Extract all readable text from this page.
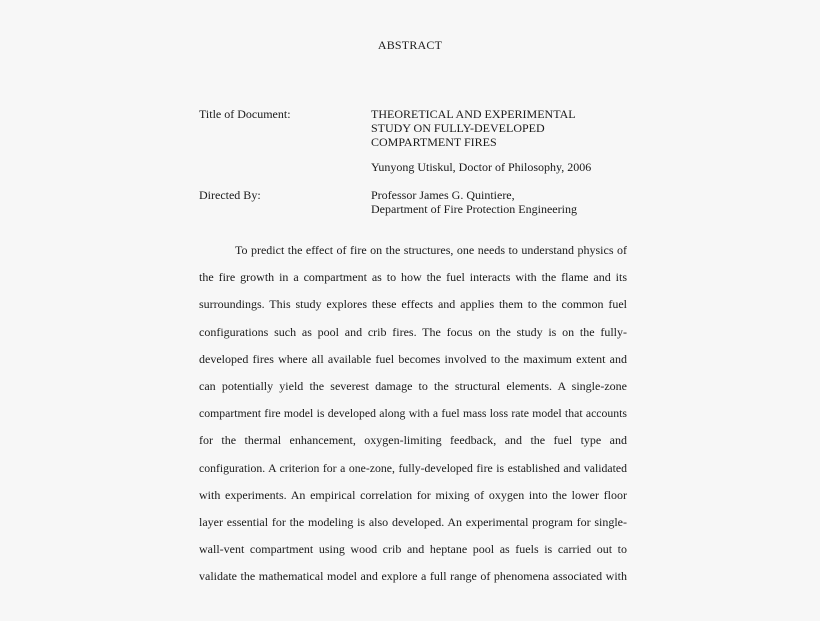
ABSTRACT
Title of Document:	THEORETICAL AND EXPERIMENTAL
STUDY ON FULLY-DEVELOPED
COMPARTMENT FIRES
Yunyong Utiskul, Doctor of Philosophy, 2006
Directed By:	Professor James G. Quintiere,
Department of Fire Protection Engineering
To predict the effect of fire on the structures, one needs to understand physics of
the fire growth in a compartment as to how the fuel interacts with the flame and its
surroundings. This study explores these effects and applies them to the common fuel
configurations such as pool and crib fires. The focus on the study is on the fully-
developed fires where all available fuel becomes involved to the maximum extent and
can potentially yield the severest damage to the structural elements. A single-zone
compartment fire model is developed along with a fuel mass loss rate model that accounts
for the thermal enhancement, oxygen-limiting feedback, and the fuel type and
configuration. A criterion for a one-zone, fully-developed fire is established and validated
with experiments. An empirical correlation for mixing of oxygen into the lower floor
layer essential for the modeling is also developed. An experimental program for single-
wall-vent compartment using wood crib and heptane pool as fuels is carried out to
validate the mathematical model and explore a full range of phenomena associated with
